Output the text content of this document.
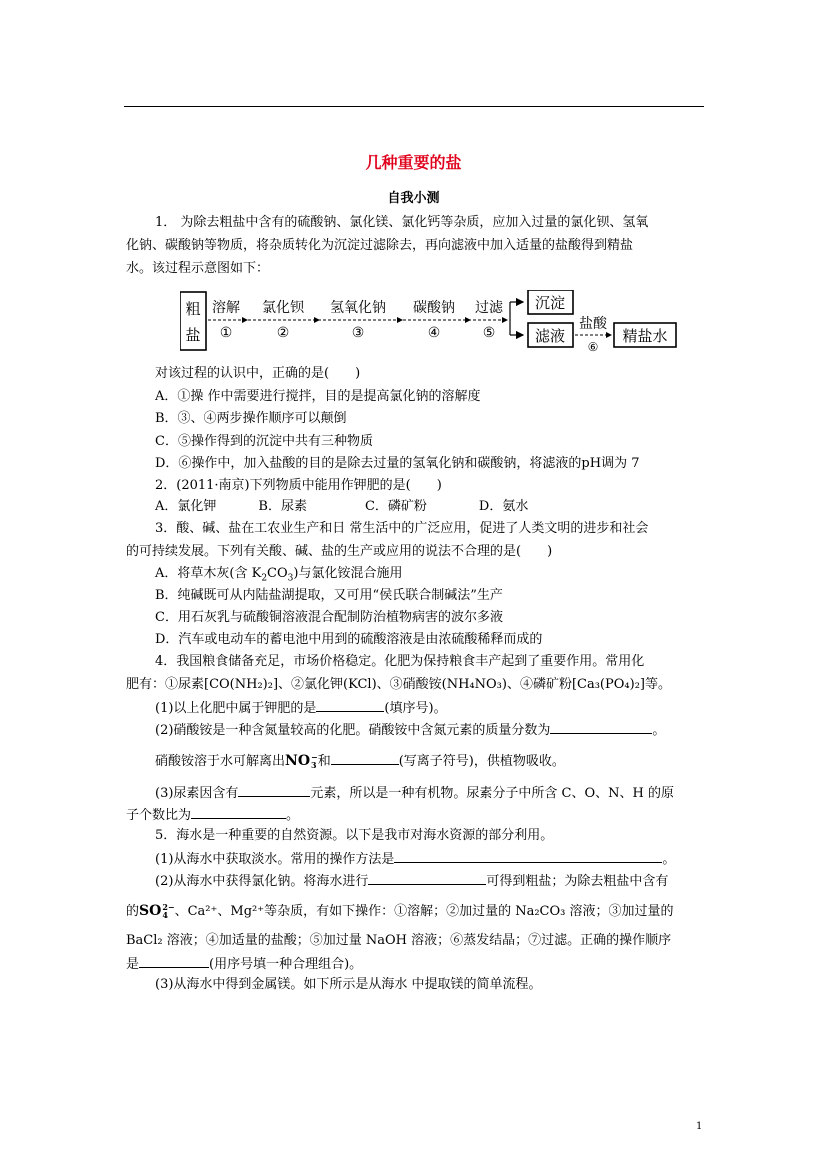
几种重要的盐
自我小测
1． 为除去粗盐中含有的硫酸钠、氯化镁、氯化钙等杂质，应加入过量的氯化钡、氢氧
化钠、碳酸钠等物质，将杂质转化为沉淀过滤除去，再向滤液中加入适量的盐酸得到精盐
水。该过程示意图如下：
粗
盐
溶解
①
氯化钡
②
氢氧化钠
③
碳酸钠
④
过滤
⑤
沉淀
滤液
盐酸
⑥
精盐水
对该过程的认识中，正确的是(　　)
A．①操 作中需要进行搅拌，目的是提高氯化钠的溶解度
B．③、④两步操作顺序可以颠倒
C．⑤操作得到的沉淀中共有三种物质
D．⑥操作中，加入盐酸的目的是除去过量的氢氧化钠和碳酸钠，将滤液的pH调为 7
2．(2011·南京)下列物质中能用作钾肥的是(　　)
A．氯化钾	B．尿素	C．磷矿粉	D．氨水
3．酸、碱、盐在工农业生产和日 常生活中的广泛应用，促进了人类文明的进步和社会
的可持续发展。下列有关酸、碱、盐的生产或应用的说法不合理的是(　　)
A．将草木灰(含 $K_2CO_3$)与氯化铵混合施用
B．纯碱既可从内陆盐湖提取，又可用“侯氏联合制碱法”生产
C．用石灰乳与硫酸铜溶液混合配制防治植物病害的波尔多液
D．汽车或电动车的蓄电池中用到的硫酸溶液是由浓硫酸稀释而成的
4．我国粮食储备充足，市场价格稳定。化肥为保持粮食丰产起到了重要作用。常用化
肥有：①尿素[CO(NH₂)₂]、②氯化钾(KCl)、③硝酸铵(NH₄NO₃)、④磷矿粉[Ca₃(PO₄)₂]等。
(1)以上化肥中属于钾肥的是	(填序号)。
(2)硝酸铵是一种含氮量较高的化肥。硝酸铵中含氮元素的质量分数为	。
硝酸铵溶于水可解离出NO −
3 和	(写离子符号)，供植物吸收。
(3)尿素因含有	元素，所以是一种有机物。尿素分子中所含 C、O、N、H 的原
子个数比为	。
5．海水是一种重要的自然资源。以下是我市对海水资源的部分利用。
(1)从海水中获取淡水。常用的操作方法是	。
(2)从海水中获得氯化钠。将海水进行	可得到粗盐；为除去粗盐中含有
的SO 2−
4 、Ca²⁺、Mg²⁺等杂质，有如下操作：①溶解；②加过量的 Na₂CO₃ 溶液；③加过量的
BaCl₂ 溶液；④加适量的盐酸；⑤加过量 NaOH 溶液；⑥蒸发结晶；⑦过滤。正确的操作顺序
是	(用序号填一种合理组合)。
(3)从海水中得到金属镁。如下所示是从海水 中提取镁的简单流程。
1
